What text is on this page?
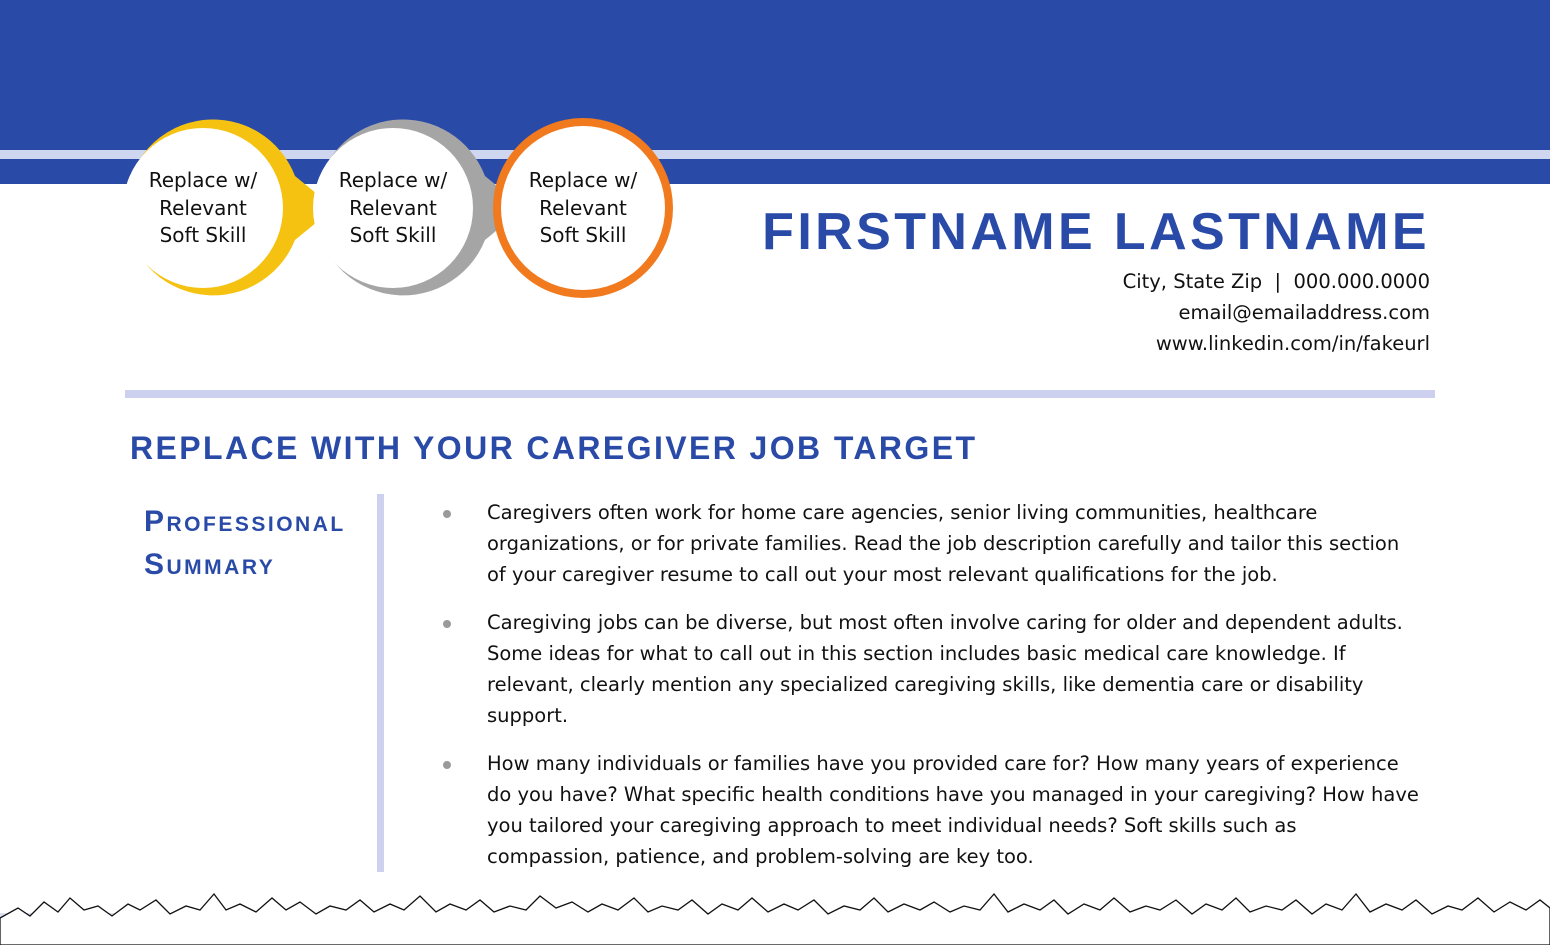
Replace w/
Relevant
Soft Skill
Replace w/
Relevant
Soft Skill
Replace w/
Relevant
Soft Skill	FIRSTNAME LASTNAME
City, State Zip  |  000.000.0000
email@emailaddress.com
www.linkedin.com/in/fakeurl
REPLACE WITH YOUR CAREGIVER JOB TARGET
Professional
Summary
Caregivers often work for home care agencies, senior living communities, healthcare organizations, or for private families. Read the job description carefully and tailor this section of your caregiver resume to call out your most relevant qualifications for the job.
Caregiving jobs can be diverse, but most often involve caring for older and dependent adults. Some ideas for what to call out in this section includes basic medical care knowledge. If relevant, clearly mention any specialized caregiving skills, like dementia care or disability support.
How many individuals or families have you provided care for? How many years of experience do you have? What specific health conditions have you managed in your caregiving? How have you tailored your caregiving approach to meet individual needs? Soft skills such as compassion, patience, and problem-solving are key too.
